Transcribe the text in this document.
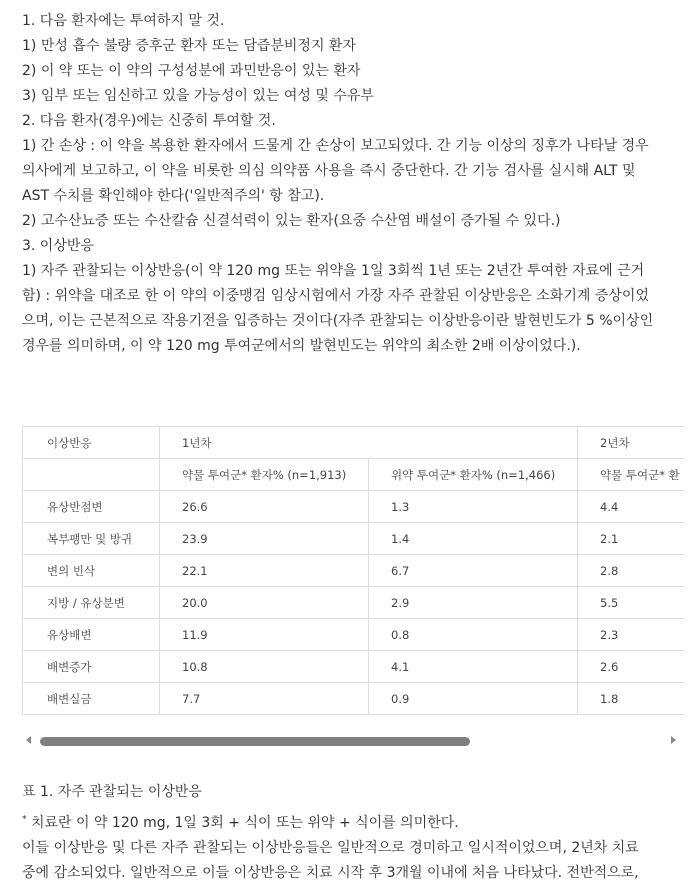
1. 다음 환자에는 투여하지 말 것.

1) 만성 흡수 불량 증후군 환자 또는 담즙분비정지 환자

2) 이 약 또는 이 약의 구성성분에 과민반응이 있는 환자

3) 임부 또는 임신하고 있을 가능성이 있는 여성 및 수유부

2. 다음 환자(경우)에는 신중히 투여할 것.

1) 간 손상 : 이 약을 복용한 환자에서 드물게 간 손상이 보고되었다. 간 기능 이상의 징후가 나타날 경우

의사에게 보고하고, 이 약을 비롯한 의심 의약품 사용을 즉시 중단한다. 간 기능 검사를 실시해 ALT 및

AST 수치를 확인해야 한다('일반적주의' 항 참고).

2) 고수산뇨증 또는 수산칼슘 신결석력이 있는 환자(요중 수산염 배설이 증가될 수 있다.)

3. 이상반응

1) 자주 관찰되는 이상반응(이 약 120 mg 또는 위약을 1일 3회씩 1년 또는 2년간 투여한 자료에 근거

함) : 위약을 대조로 한 이 약의 이중맹검 임상시험에서 가장 자주 관찰된 이상반응은 소화기계 증상이었

으며, 이는 근본적으로 작용기전을 입증하는 것이다(자주 관찰되는 이상반응이란 발현빈도가 5 %이상인

경우를 의미하며, 이 약 120 mg 투여군에서의 발현빈도는 위약의 최소한 2배 이상이었다.).

이상반응	1년차		2년차
	약물 투여군* 환자% (n=1,913)	위약 투여군* 환자% (n=1,466)	약물 투여군* 환
유상반점변	26.6	1.3	4.4
복부팽만 및 방귀	23.9	1.4	2.1
변의 빈삭	22.1	6.7	2.8
지방 / 유상분변	20.0	2.9	5.5
유상배변	11.9	0.8	2.3
배변증가	10.8	4.1	2.6
배변실금	7.7	0.9	1.8

표 1. 자주 관찰되는 이상반응

* 치료란 이 약 120 mg, 1일 3회 + 식이 또는 위약 + 식이를 의미한다.

이들 이상반응 및 다른 자주 관찰되는 이상반응들은 일반적으로 경미하고 일시적이었으며, 2년차 치료

중에 감소되었다. 일반적으로 이들 이상반응은 치료 시작 후 3개월 이내에 처음 나타났다. 전반적으로,
